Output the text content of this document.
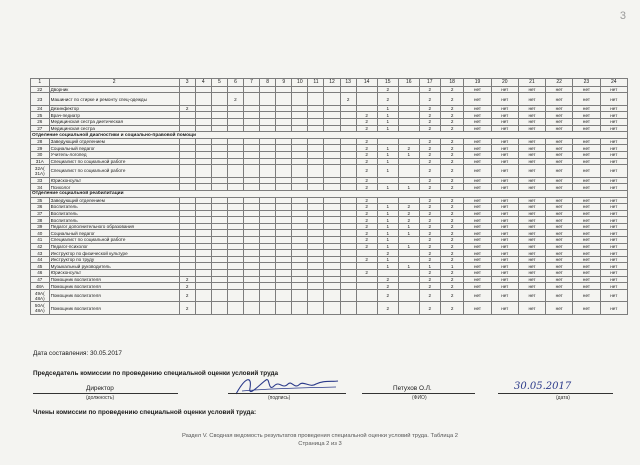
3
1	2	3	4	5	6	7	8	9	10	11	12	13	14	15	16	17	18	19	20	21	22	23	24
22	Дворник													2		2	2	нет	нет	нет	нет	нет	нет
23	Машинист по стирке и ремонту спец-одежды				2							2		2		2	2	нет	нет	нет	нет	нет	нет
24	Дезинфектор	2												1		2	2	нет	нет	нет	нет	нет	нет
25	Врач-педиатр												2	1		2	2	нет	нет	нет	нет	нет	нет
26	Медицинская сестра диетическая												2	1		2	2	нет	нет	нет	нет	нет	нет
27	Медицинская сестра												2	1		2	2	нет	нет	нет	нет	нет	нет
Отделение социальной диагностики и социально-правовой помощи																							
28	Заведующий отделением												2			2	2	нет	нет	нет	нет	нет	нет
29	Социальный педагог												2	1	2	2	2	нет	нет	нет	нет	нет	нет
30	Учитель-логопед												2	1	1	2	2	нет	нет	нет	нет	нет	нет
31А	Специалист по социальной работе												2	1		2	2	нет	нет	нет	нет	нет	нет
32А( 31А)	Специалист по социальной работе												2	1		2	2	нет	нет	нет	нет	нет	нет
33	Юрисконсульт												2			2	2	нет	нет	нет	нет	нет	нет
34	Психолог												2	1	1	2	2	нет	нет	нет	нет	нет	нет
Отделение социальной реабилитации																							
35	Заведующий отделением												2			2	2	нет	нет	нет	нет	нет	нет
36	Воспитатель												2	1	2	2	2	нет	нет	нет	нет	нет	нет
37	Воспитатель												2	1	2	2	2	нет	нет	нет	нет	нет	нет
38	Воспитатель												2	1	2	2	2	нет	нет	нет	нет	нет	нет
39	Педагог дополнительного образования												2	1	1	2	2	нет	нет	нет	нет	нет	нет
40	Социальный педагог												2	1	1	2	2	нет	нет	нет	нет	нет	нет
41	Специалист по социальной работе												2	1		2	2	нет	нет	нет	нет	нет	нет
42	Педагог-психолог												2	1	1	2	2	нет	нет	нет	нет	нет	нет
43	Инструктор по физической культуре													2		2	2	нет	нет	нет	нет	нет	нет
44	Инструктор по труду												2	1		2	2	нет	нет	нет	нет	нет	нет
45	Музыкальный руководитель													1	1	1	1	нет	нет	нет	нет	нет	нет
46	Юрисконсульт												2			2	2	нет	нет	нет	нет	нет	нет
47	Помощник воспитателя	2												2		2	2	нет	нет	нет	нет	нет	нет
48А	Помощник воспитателя	2												2		2	2	нет	нет	нет	нет	нет	нет
49А( 48А)	Помощник воспитателя	2												2		2	2	нет	нет	нет	нет	нет	нет
50А( 48А)	Помощник воспитателя	2												2		2	2	нет	нет	нет	нет	нет	нет
Дата составления: 30.05.2017
Председатель комиссии по проведению специальной оценки условий труда
Директор
(должность)	(подпись)
Петухов О.Л.
(ФИО)
30.05.2017
(дата)
Члены комиссии по проведению специальной оценки условий труда:
Раздел V. Сводная ведомость результатов проведения специальной оценки условий труда. Таблица 2
Страница 2 из 3
